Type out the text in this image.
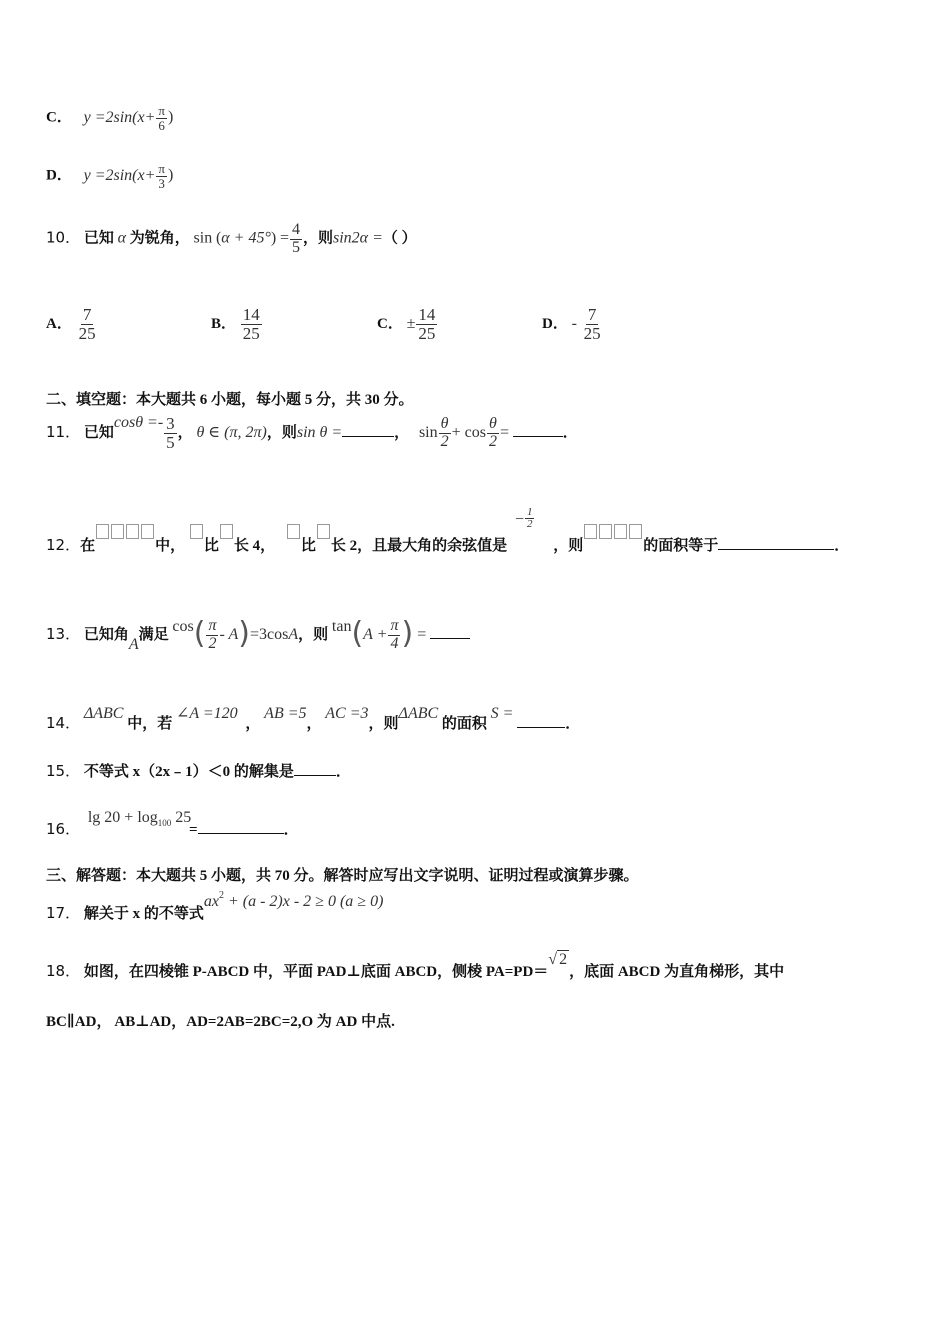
C． $y =2\sin(x+ \frac{\pi}{6}$ )
D． $y =2\sin(x+ \frac{\pi}{3}$ )
10． 已知 α 为锐角， $\sin (\alpha + 45^\circ) = \frac{4}{5}$ ，则sin2α =（ ）
A． $\frac{7}{25}$	B． $\frac{14}{25}$	C． ± $\frac{14}{25}$	D． - $\frac{7}{25}$
二、填空题：本大题共 6 小题，每小题 5 分，共 30 分。
11． 已知$\cos\theta =- \frac{3}{5}$ ， θ ∈ (π, 2π)，则sin θ =	， $\sin \frac{\theta}{2} + \cos \frac{\theta}{2}$ =	．
12．在	中， 比 长 4， 比 长 2，且最大角的余弦值是 − $\frac{1}{2}$
，则	的面积等于	．
13． 已知角A满足 $\cos( \frac{\pi}{2} - A)=3\cos A$，则 $\tan(A + \frac{\pi}{4}$ ) =
14． ΔABC 中，若 ∠A =120 ， AB =5， AC =3，则ΔABC 的面积 S = ．
15． 不等式 x（2x﹣1）＜0 的解集是	．
16． $\lg 20 + \log_{100} 25$ =	．
三、解答题：本大题共 5 小题，共 70 分。解答时应写出文字说明、证明过程或演算步骤。
17． 解关于 x 的不等式$ax^2 + (a - 2)x - 2 \ge 0$ (a ≥ 0)
18． 如图，在四棱锥 P-ABCD 中，平面 PAD⊥底面 ABCD，侧棱 PA=PD＝√ 2，底面 ABCD 为直角梯形，其中
BC∥AD， AB⊥AD，AD=2AB=2BC=2,O 为 AD 中点.
